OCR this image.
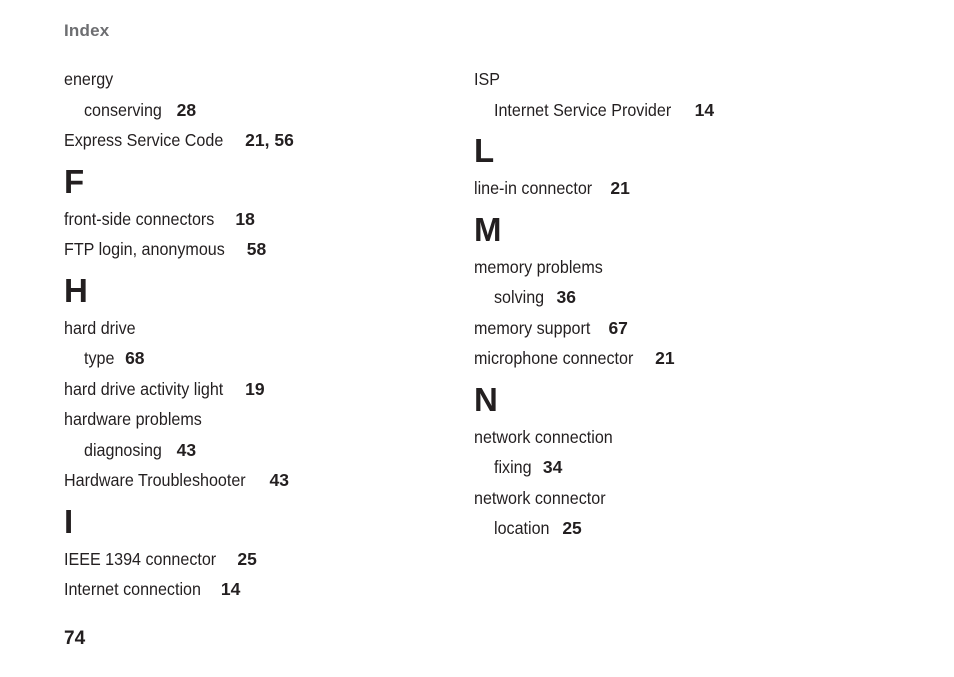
Index
energy
conserving 28
Express Service Code 21, 56
F
front-side connectors 18
FTP login, anonymous 58
H
hard drive
type 68
hard drive activity light 19
hardware problems
diagnosing 43
Hardware Troubleshooter 43
I
IEEE 1394 connector 25
Internet connection 14
ISP
Internet Service Provider 14
L
line-in connector 21
M
memory problems
solving 36
memory support 67
microphone connector 21
N
network connection
fixing 34
network connector
location 25
74
